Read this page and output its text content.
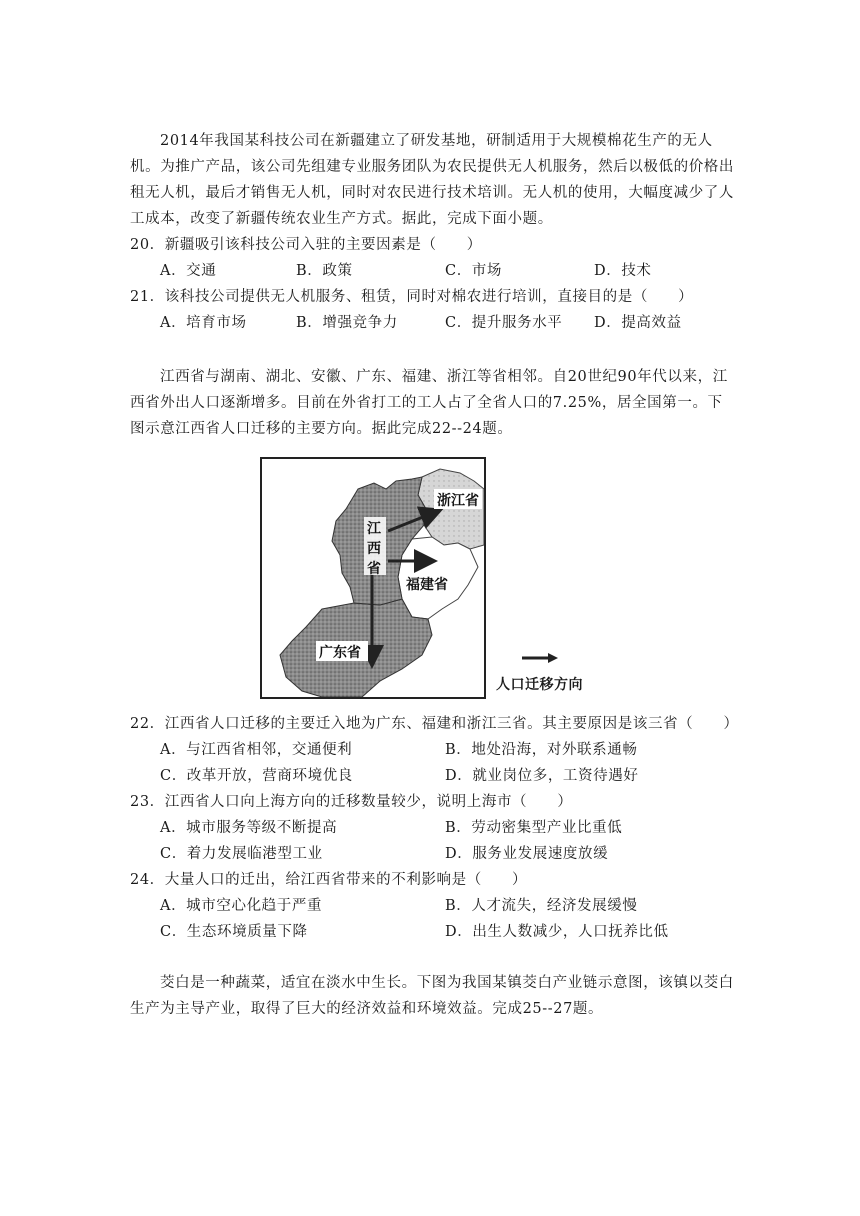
2014年我国某科技公司在新疆建立了研发基地，研制适用于大规模棉花生产的无人机。为推广产品，该公司先组建专业服务团队为农民提供无人机服务，然后以极低的价格出租无人机，最后才销售无人机，同时对农民进行技术培训。无人机的使用，大幅度减少了人工成本，改变了新疆传统农业生产方式。据此，完成下面小题。

20．新疆吸引该科技公司入驻的主要因素是（　　）
A．交通	B．政策	C．市场	D．技术
21．该科技公司提供无人机服务、租赁，同时对棉农进行培训，直接目的是（　　）
A．培育市场	B．增强竞争力	C．提升服务水平 D．提高效益

江西省与湖南、湖北、安徽、广东、福建、浙江等省相邻。自20世纪90年代以来，江西省外出人口逐渐增多。目前在外省打工的工人占了全省人口的7.25%，居全国第一。下图示意江西省人口迁移的主要方向。据此完成22--24题。

江
西
省
浙江省
福建省
广东省
人口迁移方向
22．江西省人口迁移的主要迁入地为广东、福建和浙江三省。其主要原因是该三省（　　）
A．与江西省相邻，交通便利	B．地处沿海，对外联系通畅
C．改革开放，营商环境优良	D．就业岗位多，工资待遇好
23．江西省人口向上海方向的迁移数量较少，说明上海市（　　）
A．城市服务等级不断提高	B．劳动密集型产业比重低
C．着力发展临港型工业	D．服务业发展速度放缓
24．大量人口的迁出，给江西省带来的不利影响是（　　）
A．城市空心化趋于严重	B．人才流失，经济发展缓慢
C．生态环境质量下降	D．出生人数减少，人口抚养比低

茭白是一种蔬菜，适宜在淡水中生长。下图为我国某镇茭白产业链示意图，该镇以茭白生产为主导产业，取得了巨大的经济效益和环境效益。完成25--27题。
